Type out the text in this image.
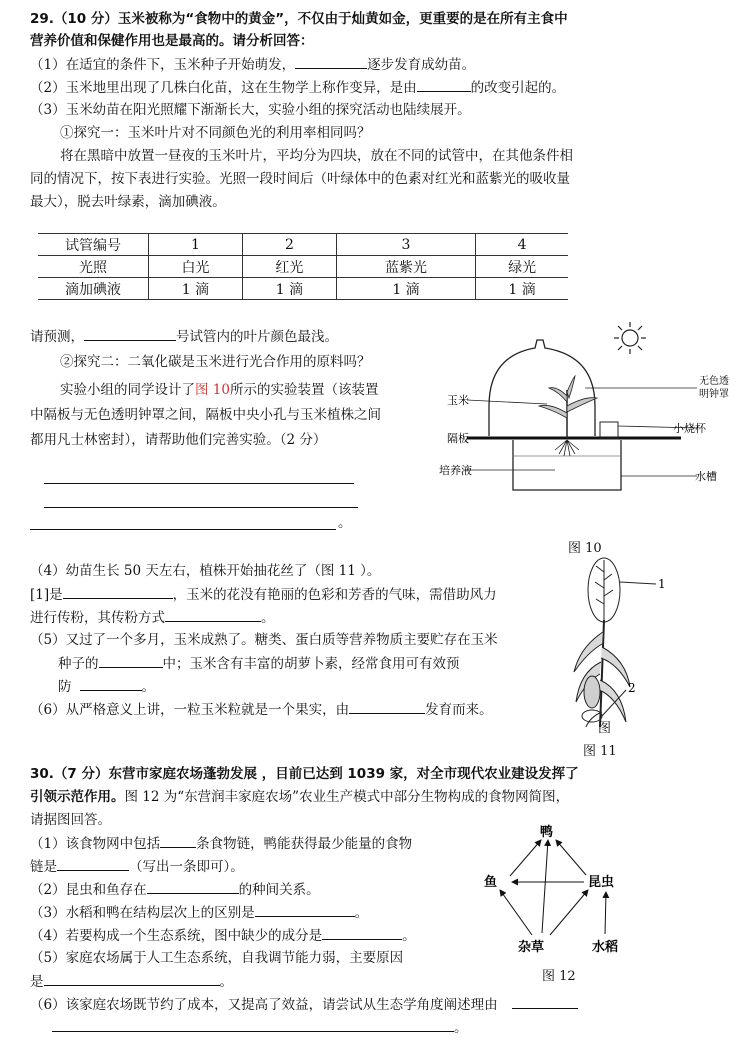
29.（10 分）玉米被称为“食物中的黄金”，不仅由于灿黄如金，更重要的是在所有主食中
营养价值和保健作用也是最高的。请分析回答：
（1）在适宜的条件下，玉米种子开始萌发，	逐步发育成幼苗。
（2）玉米地里出现了几株白化苗，这在生物学上称作变异，是由	的改变引起的。
（3）玉米幼苗在阳光照耀下渐渐长大，实验小组的探究活动也陆续展开。
①探究一：玉米叶片对不同颜色光的利用率相同吗？
将在黑暗中放置一昼夜的玉米叶片，平均分为四块，放在不同的试管中，在其他条件相
同的情况下，按下表进行实验。光照一段时间后（叶绿体中的色素对红光和蓝紫光的吸收量
最大），脱去叶绿素，滴加碘液。
试管编号	1	2	3	4
光照	白光	红光	蓝紫光	绿光
滴加碘液	1 滴	1 滴	1 滴	1 滴
请预测，	号试管内的叶片颜色最浅。
②探究二：二氧化碳是玉米进行光合作用的原料吗？
实验小组的同学设计了图 10所示的实验装置（该装置
中隔板与无色透明钟罩之间，隔板中央小孔与玉米植株之间
都用凡士林密封），请帮助他们完善实验。（2 分）
。
玉米
无色透
明钟罩
小烧杯
隔板
培养液	水槽
图 10
（4）幼苗生长 50 天左右，植株开始抽花丝了（图 11 ）。
[1]是	，玉米的花没有艳丽的色彩和芳香的气味，需借助风力
进行传粉，其传粉方式	。
（5）又过了一个多月，玉米成熟了。糖类、蛋白质等营养物质主要贮存在玉米
种子的	中；玉米含有丰富的胡萝卜素，经常食用可有效预
防	。
（6）从严格意义上讲，一粒玉米粒就是一个果实，由	发育而来。
1
2
图
图 11
30.（7 分）东营市家庭农场蓬勃发展 ，目前已达到 1039 家，对全市现代农业建设发挥了
引领示范作用。图 12 为“东营润丰家庭农场”农业生产模式中部分生物构成的食物网简图，
请据图回答。
（1）该食物网中包括	条食物链，鸭能获得最少能量的食物
链是	（写出一条即可）。
（2）昆虫和鱼存在	的种间关系。
（3）水稻和鸭在结构层次上的区别是	。
（4）若要构成一个生态系统，图中缺少的成分是	。
（5）家庭农场属于人工生态系统，自我调节能力弱，主要原因
是	。
（6）该家庭农场既节约了成本，又提高了效益，请尝试从生态学角度阐述理由
。
鸭
鱼	昆虫
杂草	水稻
图 12
